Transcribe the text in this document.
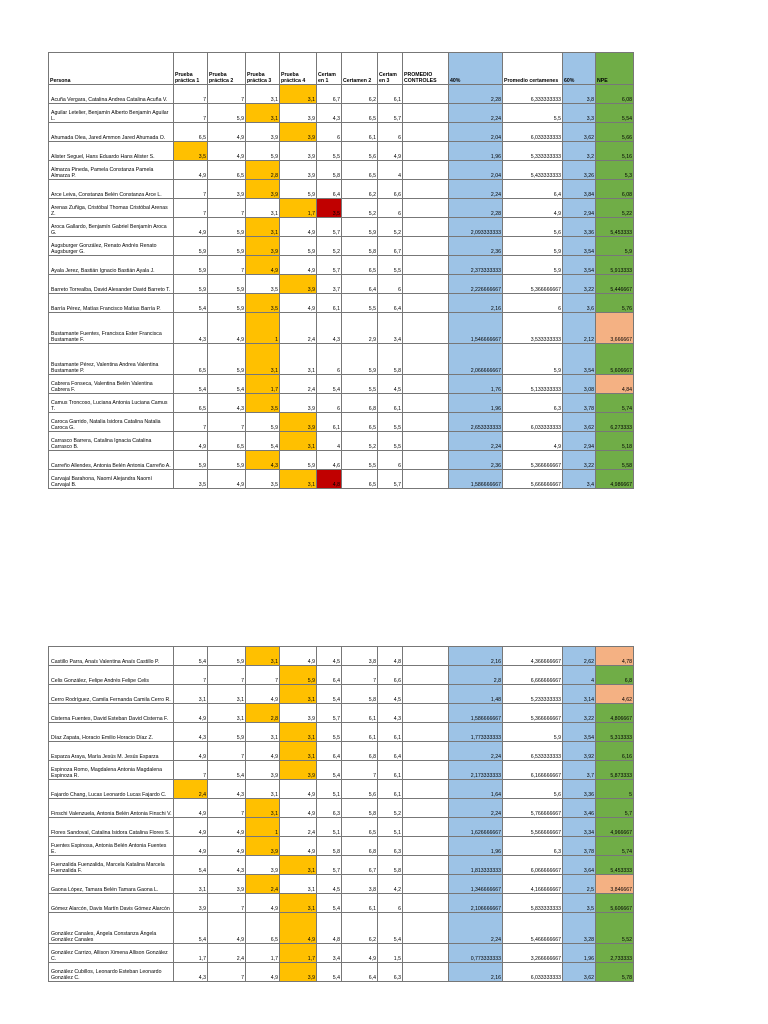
Persona	Prueba práctica 1	Prueba práctica 2	Prueba práctica 3	Prueba práctica 4	Certam en 1	Certamen 2	Certam en 3	PROMEDIO CONTROLES	40%	Promedio certamenes	60%	NPE
Acuña Vergara, Catalina Andrea Catalina Acuña V.	7	7	3,1	3,1	6,7	6,2	6,1		2,28	6,333333333	3,8	6,08
Aguilar Letelier, Benjamín Alberto Benjamín Aguilar L.	7	5,9	3,1	3,9	4,3	6,5	5,7		2,24	5,5	3,3	5,54
Ahumada Olea, Jared Ammon Jared Ahumada O.	6,5	4,9	3,9	3,9	6	6,1	6		2,04	6,033333333	3,62	5,66
Alister Seguel, Hans Eduardo Hans Alister S.	3,5	4,9	5,9	3,9	5,5	5,6	4,9		1,96	5,333333333	3,2	5,16
Almarza Pineda, Pamela Constanza Pamela Almarza P.	4,9	6,5	2,8	3,9	5,8	6,5	4		2,04	5,433333333	3,26	5,3
Arce Leiva, Constanza Belén Constanza Arce L.	7	3,9	3,9	5,9	6,4	6,2	6,6		2,24	6,4	3,84	6,08
Arenas Zuñiga, Cristóbal Thomas Cristóbal Arenas Z.	7	7	3,1	1,7	3,5	5,2	6		2,28	4,9	2,94	5,22
Aroca Gallardo, Benjamín Gabriel Benjamín Aroca G.	4,9	5,9	3,1	4,9	5,7	5,9	5,2		2,093333333	5,6	3,36	5,453333
Augsburger González, Renato Andrés Renato Augsburger G.	5,9	5,9	3,9	5,9	5,2	5,8	6,7		2,36	5,9	3,54	5,9
Ayala Jerez, Bastián Ignacio Bastián Ayala J.	5,9	7	4,9	4,9	5,7	6,5	5,5		2,373333333	5,9	3,54	5,913333
Barreto Torrealba, David Alexander David Barreto T.	5,9	5,9	3,5	3,9	3,7	6,4	6		2,226666667	5,366666667	3,22	5,446667
Barría Pérez, Matías Francisco Matías Barría P.	5,4	5,9	3,5	4,9	6,1	5,5	6,4		2,16	6	3,6	5,76
Bustamante Fuentes, Francisca Ester Francisca Bustamante F.	4,3	4,9	1	2,4	4,3	2,9	3,4		1,546666667	3,533333333	2,12	3,666667
Bustamante Pérez, Valentina Andrea Valentina Bustamante P.	6,5	5,9	3,1	3,1	6	5,9	5,8		2,066666667	5,9	3,54	5,606667
Cabrera Fonseca, Valentina Belén Valentina Cabrera F.	5,4	5,4	1,7	2,4	5,4	5,5	4,5		1,76	5,133333333	3,08	4,84
Camus Troncoso, Luciana Antonia Luciana Camus T.	6,5	4,3	3,5	3,9	6	6,8	6,1		1,96	6,3	3,78	5,74
Caroca Garrido, Natalia Isidora Catalina Natalia Caroca G.	7	7	5,9	3,9	6,1	6,5	5,5		2,653333333	6,033333333	3,62	6,273333
Carrasco Barrera, Catalina Ignacia Catalina Carrasco B.	4,9	6,5	5,4	3,1	4	5,2	5,5		2,24	4,9	2,94	5,18
Carreño Allendes, Antonia Belén Antonia Carreño A.	5,9	5,9	4,3	5,9	4,6	5,5	6		2,36	5,366666667	3,22	5,58
Carvajal Barahona, Naomí Alejandra Naomí Carvajal B.	3,5	4,9	3,5	3,1	4,8	6,5	5,7		1,586666667	5,666666667	3,4	4,986667
Castillo Parra, Anaís Valentina Anaís Castillo P.	5,4	5,9	3,1	4,9	4,5	3,8	4,8		2,16	4,366666667	2,62	4,78
Celis González, Felipe Andrés Felipe Celis	7	7	7	5,9	6,4	7	6,6		2,8	6,666666667	4	6,8
Cerro Rodríguez, Camila Fernanda Camila Cerro R.	3,1	3,1	4,9	3,1	5,4	5,8	4,5		1,48	5,233333333	3,14	4,62
Cisterna Fuentes, David Esteban David Cisterna F.	4,9	3,1	2,8	3,9	5,7	6,1	4,3		1,586666667	5,366666667	3,22	4,806667
Díaz Zapata, Horacio Emilio Horacio Díaz Z.	4,3	5,9	3,1	3,1	5,5	6,1	6,1		1,773333333	5,9	3,54	5,313333
Esparza Araya, María Jesús M. Jesús Esparza	4,9	7	4,9	3,1	6,4	6,8	6,4		2,24	6,533333333	3,92	6,16
Espinoza Romo, Magdalena Antonia Magdalena Espinoza R.	7	5,4	3,9	3,9	5,4	7	6,1		2,173333333	6,166666667	3,7	5,873333
Fajardo Chang, Lucas Leonardo Lucas Fajardo C.	2,4	4,3	3,1	4,9	5,1	5,6	6,1		1,64	5,6	3,36	5
Finschi Valenzuela, Antonia Belén Antonia Finschi V.	4,9	7	3,1	4,9	6,3	5,8	5,2		2,24	5,766666667	3,46	5,7
Flores Sandoval, Catalina Isidora Catalina Flores S.	4,9	4,9	1	2,4	5,1	6,5	5,1		1,626666667	5,566666667	3,34	4,966667
Fuentes Espinosa, Antonia Belén Antonia Fuentes E.	4,9	4,9	3,9	4,9	5,8	6,8	6,3		1,96	6,3	3,78	5,74
Fuenzalida Fuenzalida, Marcela Katalina Marcela Fuenzalida F.	5,4	4,3	3,9	3,1	5,7	6,7	5,8		1,813333333	6,066666667	3,64	5,453333
Gaona López, Tamara Belén Tamara Gaona L.	3,1	3,9	2,4	3,1	4,5	3,8	4,2		1,346666667	4,166666667	2,5	3,846667
Gómez Alarcón, Davis Martín Davis Gómez Alarcón	3,9	7	4,9	3,1	5,4	6,1	6		2,106666667	5,833333333	3,5	5,606667
González Canales, Ángela Constanza Ángela González Canales	5,4	4,9	6,5	4,9	4,8	6,2	5,4		2,24	5,466666667	3,28	5,52
González Carrizo, Allison Ximena Allison González C.	1,7	2,4	1,7	1,7	3,4	4,9	1,5		0,773333333	3,266666667	1,96	2,733333
González Cubillos, Leonardo Esteban Leonardo González C.	4,3	7	4,9	3,9	5,4	6,4	6,3		2,16	6,033333333	3,62	5,78
